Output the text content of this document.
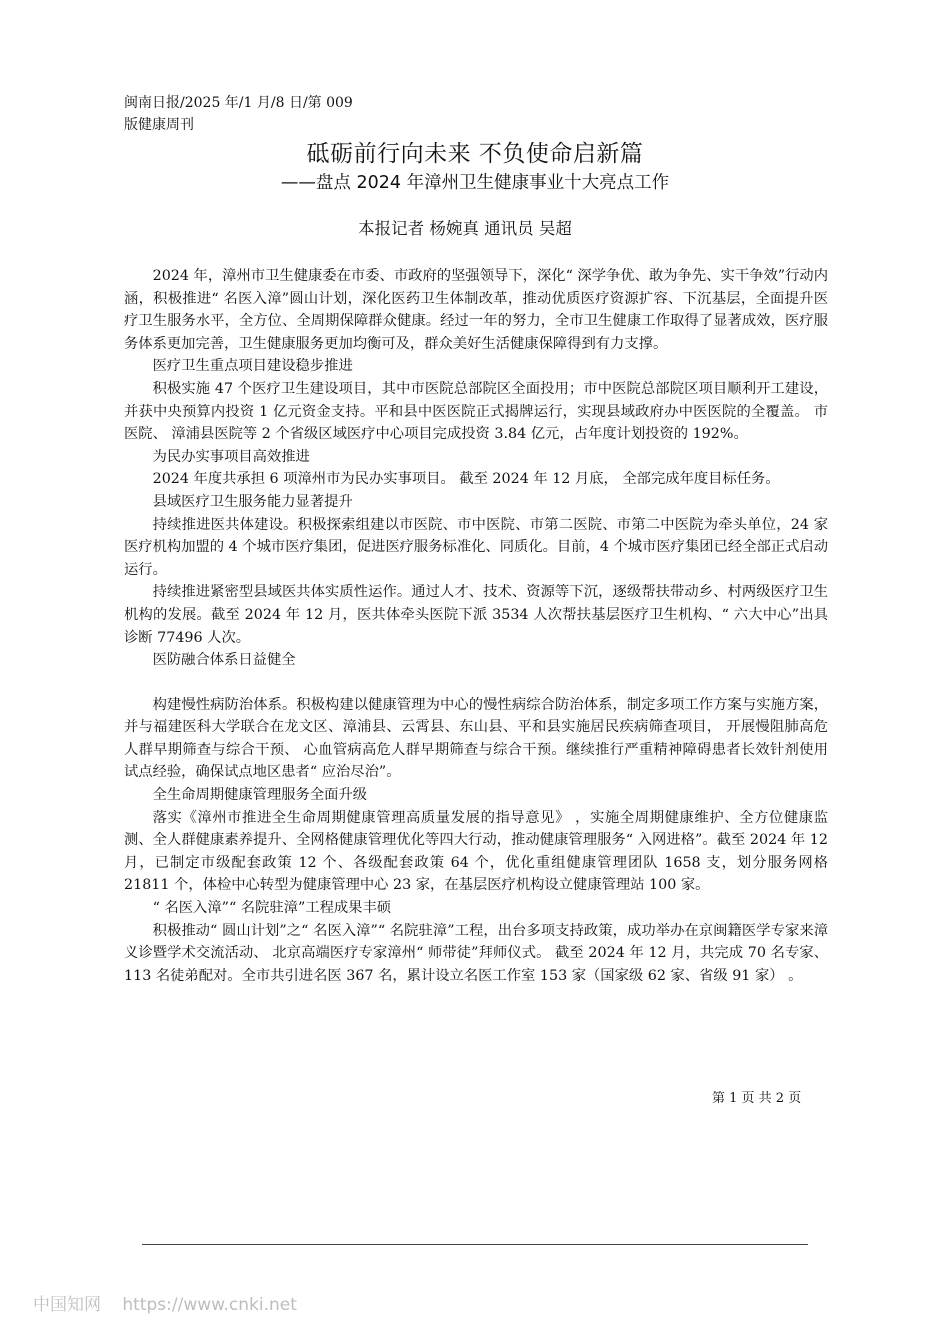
闽南日报/2025 年/1 月/8 日/第 009 版健康周刊
砥砺前行向未来 不负使命启新篇
——盘点 2024 年漳州卫生健康事业十大亮点工作
本报记者 杨婉真 通讯员 吴超

2024 年，漳州市卫生健康委在市委、市政府的坚强领导下，深化“ 深学争优、敢为争先、实干争效”行动内涵，积极推进“ 名医入漳”圆山计划，深化医药卫生体制改革，推动优质医疗资源扩容、下沉基层，全面提升医疗卫生服务水平，全方位、全周期保障群众健康。经过一年的努力，全市卫生健康工作取得了显著成效，医疗服务体系更加完善，卫生健康服务更加均衡可及，群众美好生活健康保障得到有力支撑。

医疗卫生重点项目建设稳步推进

积极实施 47 个医疗卫生建设项目，其中市医院总部院区全面投用；市中医院总部院区项目顺利开工建设，并获中央预算内投资 1 亿元资金支持。平和县中医医院正式揭牌运行，实现县域政府办中医医院的全覆盖。 市医院、 漳浦县医院等 2 个省级区域医疗中心项目完成投资 3.84 亿元，占年度计划投资的 192%。

为民办实事项目高效推进

2024 年度共承担 6 项漳州市为民办实事项目。 截至 2024 年 12 月底， 全部完成年度目标任务。

县域医疗卫生服务能力显著提升

持续推进医共体建设。积极探索组建以市医院、市中医院、市第二医院、市第二中医院为牵头单位，24 家医疗机构加盟的 4 个城市医疗集团，促进医疗服务标准化、同质化。目前，4 个城市医疗集团已经全部正式启动运行。

持续推进紧密型县域医共体实质性运作。通过人才、技术、资源等下沉，逐级帮扶带动乡、村两级医疗卫生机构的发展。截至 2024 年 12 月，医共体牵头医院下派 3534 人次帮扶基层医疗卫生机构、“ 六大中心”出具诊断 77496 人次。

医防融合体系日益健全

构建慢性病防治体系。积极构建以健康管理为中心的慢性病综合防治体系，制定多项工作方案与实施方案，并与福建医科大学联合在龙文区、漳浦县、云霄县、东山县、平和县实施居民疾病筛查项目， 开展慢阻肺高危人群早期筛查与综合干预、 心血管病高危人群早期筛查与综合干预。继续推行严重精神障碍患者长效针剂使用试点经验，确保试点地区患者“ 应治尽治”。

全生命周期健康管理服务全面升级

落实《漳州市推进全生命周期健康管理高质量发展的指导意见》 ，实施全周期健康维护、全方位健康监测、全人群健康素养提升、全网格健康管理优化等四大行动，推动健康管理服务“ 入网进格”。截至 2024 年 12 月，已制定市级配套政策 12 个、各级配套政策 64 个，优化重组健康管理团队 1658 支，划分服务网格 21811 个，体检中心转型为健康管理中心 23 家，在基层医疗机构设立健康管理站 100 家。

“ 名医入漳”“ 名院驻漳”工程成果丰硕

积极推动“ 圆山计划”之“ 名医入漳”“ 名院驻漳”工程，出台多项支持政策，成功举办在京闽籍医学专家来漳义诊暨学术交流活动、 北京高端医疗专家漳州“ 师带徒”拜师仪式。 截至 2024 年 12 月，共完成 70 名专家、113 名徒弟配对。全市共引进名医 367 名，累计设立名医工作室 153 家（国家级 62 家、省级 91 家） 。

第 1 页 共 2 页
中国知网 https://www.cnki.net
